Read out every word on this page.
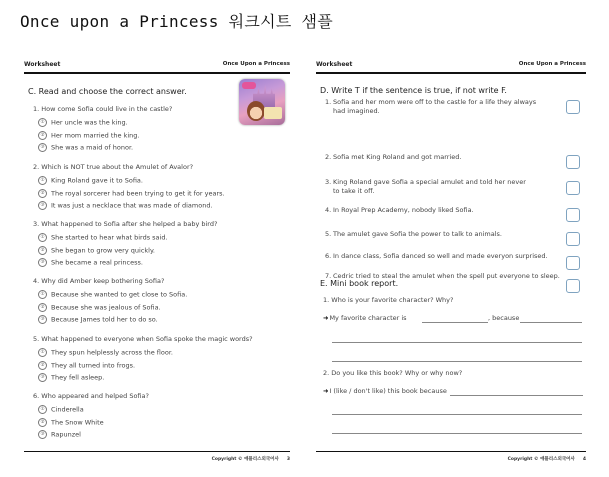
Once upon a Princess 워크시트 샘플
Worksheet	Once Upon a Princess
C. Read and choose the correct answer.
1. How come Sofia could live in the castle?
① Her uncle was the king.
② Her mom married the king.
③ She was a maid of honor.
2. Which is NOT true about the Amulet of Avalor?
① King Roland gave it to Sofia.
② The royal sorcerer had been trying to get it for years.
③ It was just a necklace that was made of diamond.
3. What happened to Sofia after she helped a baby bird?
① She started to hear what birds said.
② She began to grow very quickly.
③ She became a real princess.
4. Why did Amber keep bothering Sofia?
① Because she wanted to get close to Sofia.
② Because she was jealous of Sofia.
③ Because James told her to do so.
5. What happened to everyone when Sofia spoke the magic words?
① They spun helplessly across the floor.
② They all turned into frogs.
③ They fell asleep.
6. Who appeared and helped Sofia?
① Cinderella
② The Snow White
③ Rapunzel
Copyright © 애플리스외국어사 3
Worksheet	Once Upon a Princess
D. Write T if the sentence is true, if not write F.
1. Sofia and her mom were off to the castle for a life they always
had imagined.
2. Sofia met King Roland and got married.
3. King Roland gave Sofia a special amulet and told her never
to take it off.
4. In Royal Prep Academy, nobody liked Sofia.
5. The amulet gave Sofia the power to talk to animals.
6. In dance class, Sofia danced so well and made everyon surprised.
7. Cedric tried to steal the amulet when the spell put everyone to sleep.
E. Mini book report.
1. Who is your favorite character? Why?
➜My favorite character is	, because
2. Do you like this book? Why or why now?
➜I (like / don't like) this book because
Copyright © 애플리스외국어사 4
